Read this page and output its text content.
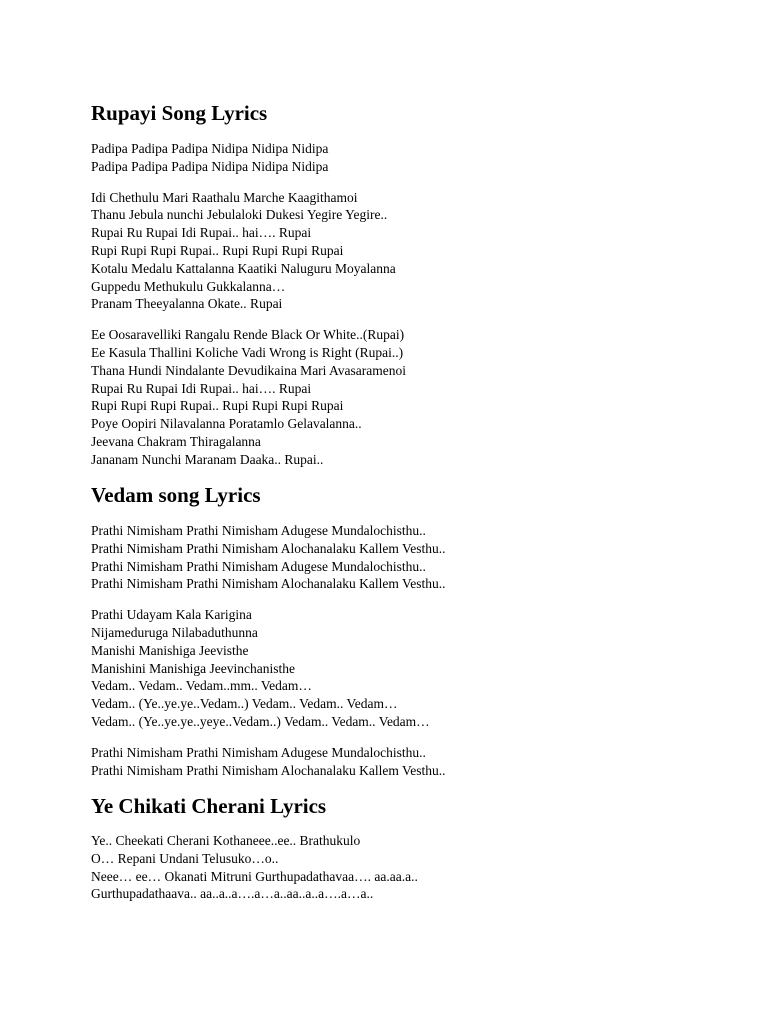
Rupayi Song Lyrics
Padipa Padipa Padipa Nidipa Nidipa Nidipa
Padipa Padipa Padipa Nidipa Nidipa Nidipa
Idi Chethulu Mari Raathalu Marche Kaagithamoi
Thanu Jebula nunchi Jebulaloki Dukesi Yegire Yegire..
Rupai Ru Rupai Idi Rupai.. hai…. Rupai
Rupi Rupi Rupi Rupai.. Rupi Rupi Rupi Rupai
Kotalu Medalu Kattalanna Kaatiki Naluguru Moyalanna
Guppedu Methukulu Gukkalanna…
Pranam Theeyalanna Okate.. Rupai
Ee Oosaravelliki Rangalu Rende Black Or White..(Rupai)
Ee Kasula Thallini Koliche Vadi Wrong is Right (Rupai..)
Thana Hundi Nindalante Devudikaina Mari Avasaramenoi
Rupai Ru Rupai Idi Rupai.. hai…. Rupai
Rupi Rupi Rupi Rupai.. Rupi Rupi Rupi Rupai
Poye Oopiri Nilavalanna Poratamlo Gelavalanna..
Jeevana Chakram Thiragalanna
Jananam Nunchi Maranam Daaka.. Rupai..
Vedam song Lyrics
Prathi Nimisham Prathi Nimisham Adugese Mundalochisthu..
Prathi Nimisham Prathi Nimisham Alochanalaku Kallem Vesthu..
Prathi Nimisham Prathi Nimisham Adugese Mundalochisthu..
Prathi Nimisham Prathi Nimisham Alochanalaku Kallem Vesthu..
Prathi Udayam Kala Karigina
Nijameduruga Nilabaduthunna
Manishi Manishiga Jeevisthe
Manishini Manishiga Jeevinchanisthe
Vedam.. Vedam.. Vedam..mm.. Vedam…
Vedam.. (Ye..ye.ye..Vedam..) Vedam.. Vedam.. Vedam…
Vedam.. (Ye..ye.ye..yeye..Vedam..) Vedam.. Vedam.. Vedam…
Prathi Nimisham Prathi Nimisham Adugese Mundalochisthu..
Prathi Nimisham Prathi Nimisham Alochanalaku Kallem Vesthu..
Ye Chikati Cherani Lyrics
Ye.. Cheekati Cherani Kothaneee..ee.. Brathukulo
O… Repani Undani Telusuko…o..
Neee… ee… Okanati Mitruni Gurthupadathavaa…. aa.aa.a..
Gurthupadathaava.. aa..a..a….a…a..aa..a..a….a…a..
